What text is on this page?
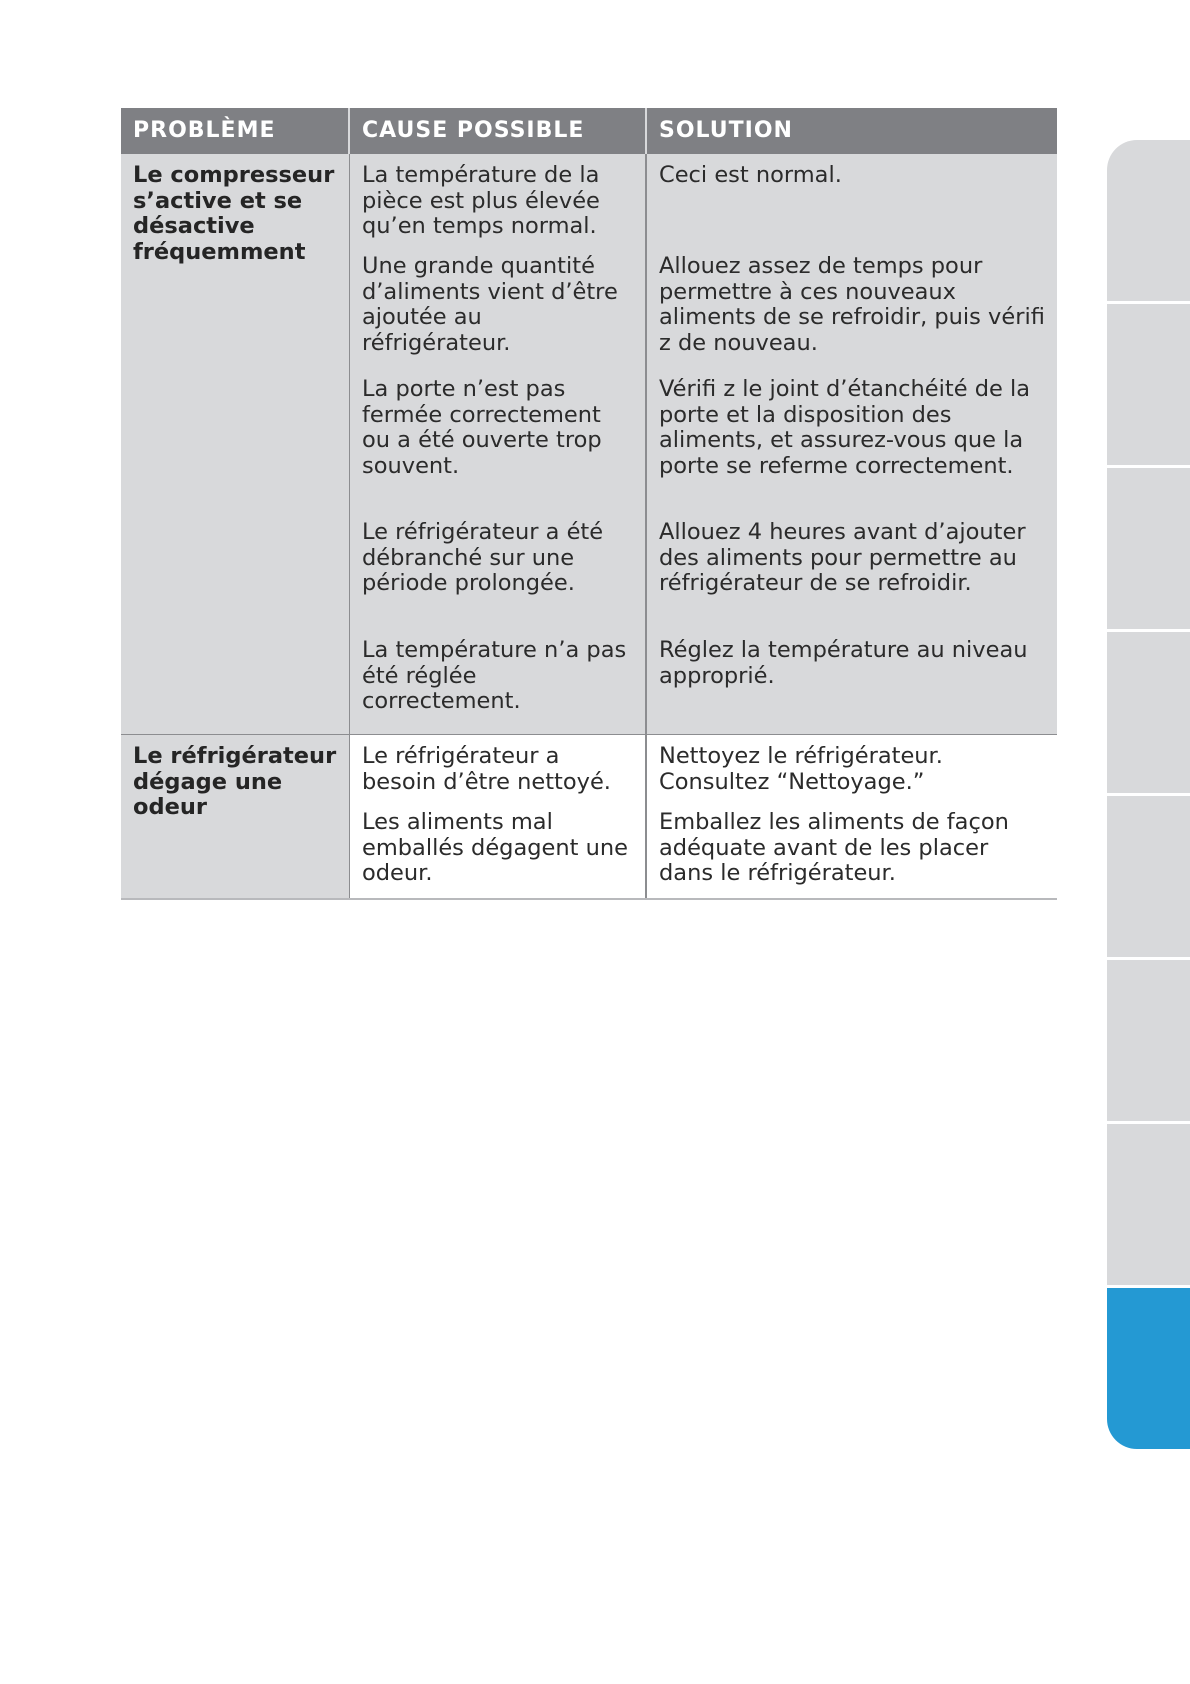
PROBLÈME	CAUSE POSSIBLE	SOLUTION
Le compresseur s’active et se désactive fréquemment
La température de la pièce est plus élevée qu’en temps normal.
Ceci est normal.
Une grande quantité d’aliments vient d’être ajoutée au réfrigérateur.
Allouez assez de temps pour permettre à ces nouveaux aliments de se refroidir, puis vérifi z de nouveau.
La porte n’est pas fermée correctement ou a été ouverte trop souvent.
Vérifi z le joint d’étanchéité de la porte et la disposition des aliments, et assurez-vous que la porte se referme correctement.
Le réfrigérateur a été débranché sur une période prolongée.
Allouez 4 heures avant d’ajouter des aliments pour permettre au réfrigérateur de se refroidir.
La température n’a pas été réglée correctement.
Réglez la température au niveau approprié.
Le réfrigérateur dégage une odeur
Le réfrigérateur a besoin d’être nettoyé.
Nettoyez le réfrigérateur. Consultez “Nettoyage.”
Les aliments mal emballés dégagent une odeur.
Emballez les aliments de façon adéquate avant de les placer dans le réfrigérateur.
